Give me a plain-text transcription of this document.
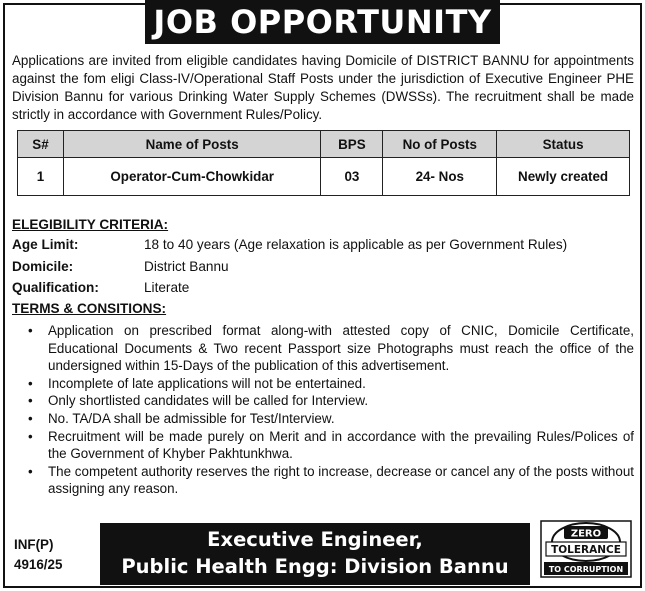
JOB OPPORTUNITY

Applications are invited from eligible candidates having Domicile of DISTRICT BANNU for appointments against the fom eligi Class-IV/Operational Staff Posts under the jurisdiction of Executive Engineer PHE Division Bannu for various Drinking Water Supply Schemes (DWSSs). The recruitment shall be made strictly in accordance with Government Rules/Policy.

S#	Name of Posts	BPS	No of Posts	Status
1	Operator-Cum-Chowkidar	03	24- Nos	Newly created
ELEGIBILITY CRITERIA:
Age Limit:	18 to 40 years (Age relaxation is applicable as per Government Rules)
Domicile:	District Bannu
Qualification:	Literate
TERMS & CONSITIONS:
• Application on prescribed format along-with attested copy of CNIC, Domicile Certificate, Educational Documents & Two recent Passport size Photographs must reach the office of the undersigned within 15-Days of the publication of this advertisement.
• Incomplete of late applications will not be entertained.
• Only shortlisted candidates will be called for Interview.
• No. TA/DA shall be admissible for Test/Interview.
• Recruitment will be made purely on Merit and in accordance with the prevailing Rules/Polices of the Government of Khyber Pakhtunkhwa.
• The competent authority reserves the right to increase, decrease or cancel any of the posts without assigning any reason.
INF(P)
4916/25
Executive Engineer,
Public Health Engg: Division Bannu
ZERO
TOLERANCE
TO CORRUPTION
